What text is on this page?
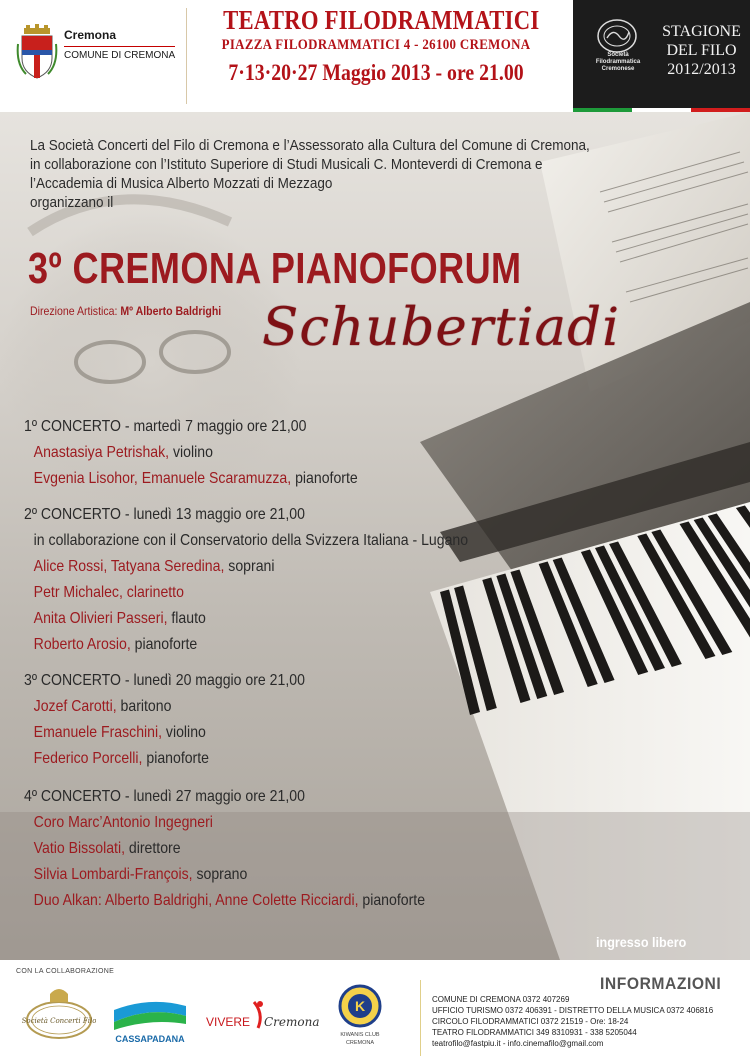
Cremona
COMUNE DI CREMONA
TEATRO FILODRAMMATICI
PIAZZA FILODRAMMATICI 4 - 26100 CREMONA
7·13·20·27 Maggio 2013 - ore 21.00
Società
Filodrammatica
Cremonese
STAGIONE
DEL FILO
2012/2013
La Società Concerti del Filo di Cremona e l’Assessorato alla Cultura del Comune di Cremona,
in collaborazione con l’Istituto Superiore di Studi Musicali C. Monteverdi di Cremona e
l’Accademia di Musica Alberto Mozzati di Mezzago
organizzano il
3º CREMONA PIANOFORUM
Direzione Artistica: Mº Alberto Baldrighi Schubertiadi
1º CONCERTO - martedì 7 maggio ore 21,00
Anastasiya Petrishak, violino
Evgenia Lisohor, Emanuele Scaramuzza, pianoforte
2º CONCERTO - lunedì 13 maggio ore 21,00
in collaborazione con il Conservatorio della Svizzera Italiana - Lugano
Alice Rossi, Tatyana Seredina, soprani
Petr Michalec, clarinetto
Anita Olivieri Passeri, flauto
Roberto Arosio, pianoforte
3º CONCERTO - lunedì 20 maggio ore 21,00
Jozef Carotti, baritono
Emanuele Fraschini, violino
Federico Porcelli, pianoforte
4º CONCERTO - lunedì 27 maggio ore 21,00
Coro Marc’Antonio Ingegneri
Vatio Bissolati, direttore
Silvia Lombardi-François, soprano
Duo Alkan: Alberto Baldrighi, Anne Colette Ricciardi, pianoforte
ingresso libero
CON LA COLLABORAZIONE
Società Concerti Filo
CASSAPADANA
VIVERE Cremona
K
KIWANIS CLUB
CREMONA
INFORMAZIONI
COMUNE DI CREMONA 0372 407269
UFFICIO TURISMO 0372 406391 - DISTRETTO DELLA MUSICA 0372 406816
CIRCOLO FILODRAMMATICI 0372 21519 - Ore: 18-24
TEATRO FILODRAMMATICI 349 8310931 - 338 5205044
teatrofilo@fastpiu.it - info.cinemafilo@gmail.com
